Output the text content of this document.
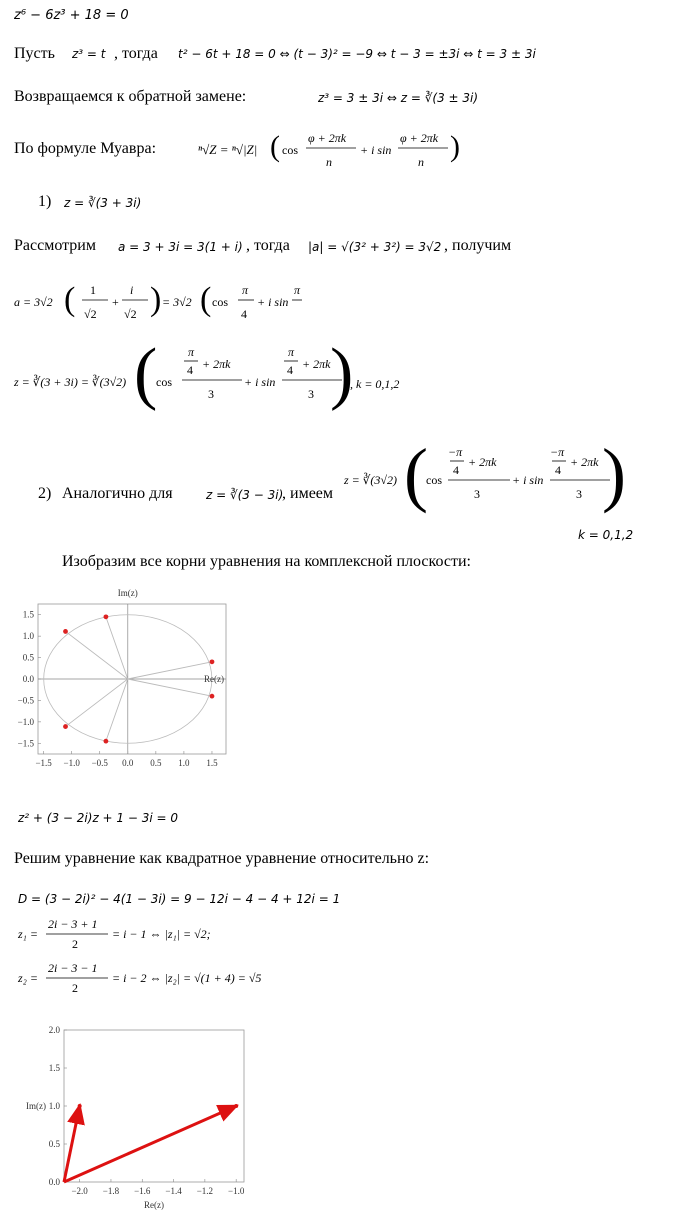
z⁶ − 6z³ + 18 = 0
Пусть z³ = t , тогда t² − 6t + 18 = 0 ⇔ (t − 3)² = −9 ⇔ t − 3 = ±3i ⇔ t = 3 ± 3i
Возвращаемся к обратной замене:	z³ = 3 ± 3i ⇔ z = ∛(3 ± 3i)
По формуле Муавра:	ⁿ√Z = ⁿ√|Z| ( cos
φ + 2πk
n
+ i sin
φ + 2πk
n )
1) z = ∛(3 + 3i)
Рассмотрим a = 3 + 3i = 3(1 + i) , тогда |a| = √(3² + 3²) = 3√2 , получим
a = 3√2 ( 1
√2
+
i
√2 ) = 3√2 ( cos
π
4
+ i sin
π
z = ∛(3 + 3i) = ∛(3√2) (
cos
π
4 + 2πk
3
+ i sin
π
4 + 2πk
3 )
, k = 0,1,2
2) Аналогично для	z = ∛(3 − 3i)
, имеем
z = ∛(3√2) (
cos
−π
4
+ 2πk
3
+ i sin
−π
4
+ 2πk
3 )
k = 0,1,2
Изобразим все корни уравнения на комплексной плоскости:
−1.5 −1.0 −0.5 0.0 0.5 1.0 1.5
1.5
1.0
0.5
0.0
−0.5
−1.0
−1.5
Im(z)
Re(z)
z² + (3 − 2i)z + 1 − 3i = 0
Решим уравнение как квадратное уравнение относительно z:
D = (3 − 2i)² − 4(1 − 3i) = 9 − 12i − 4 − 4 + 12i = 1
z₁ =
2i − 3 + 1
2
= i − 1 ⇔ |z₁| = √2;
z₂ =
2i − 3 − 1
2
= i − 2 ⇔ |z₂| = √(1 + 4) = √5
−2.0 −1.8 −1.6 −1.4 −1.2 −1.0
2.0
1.5
1.0
0.5
0.0
Re(z)
Im(z)
